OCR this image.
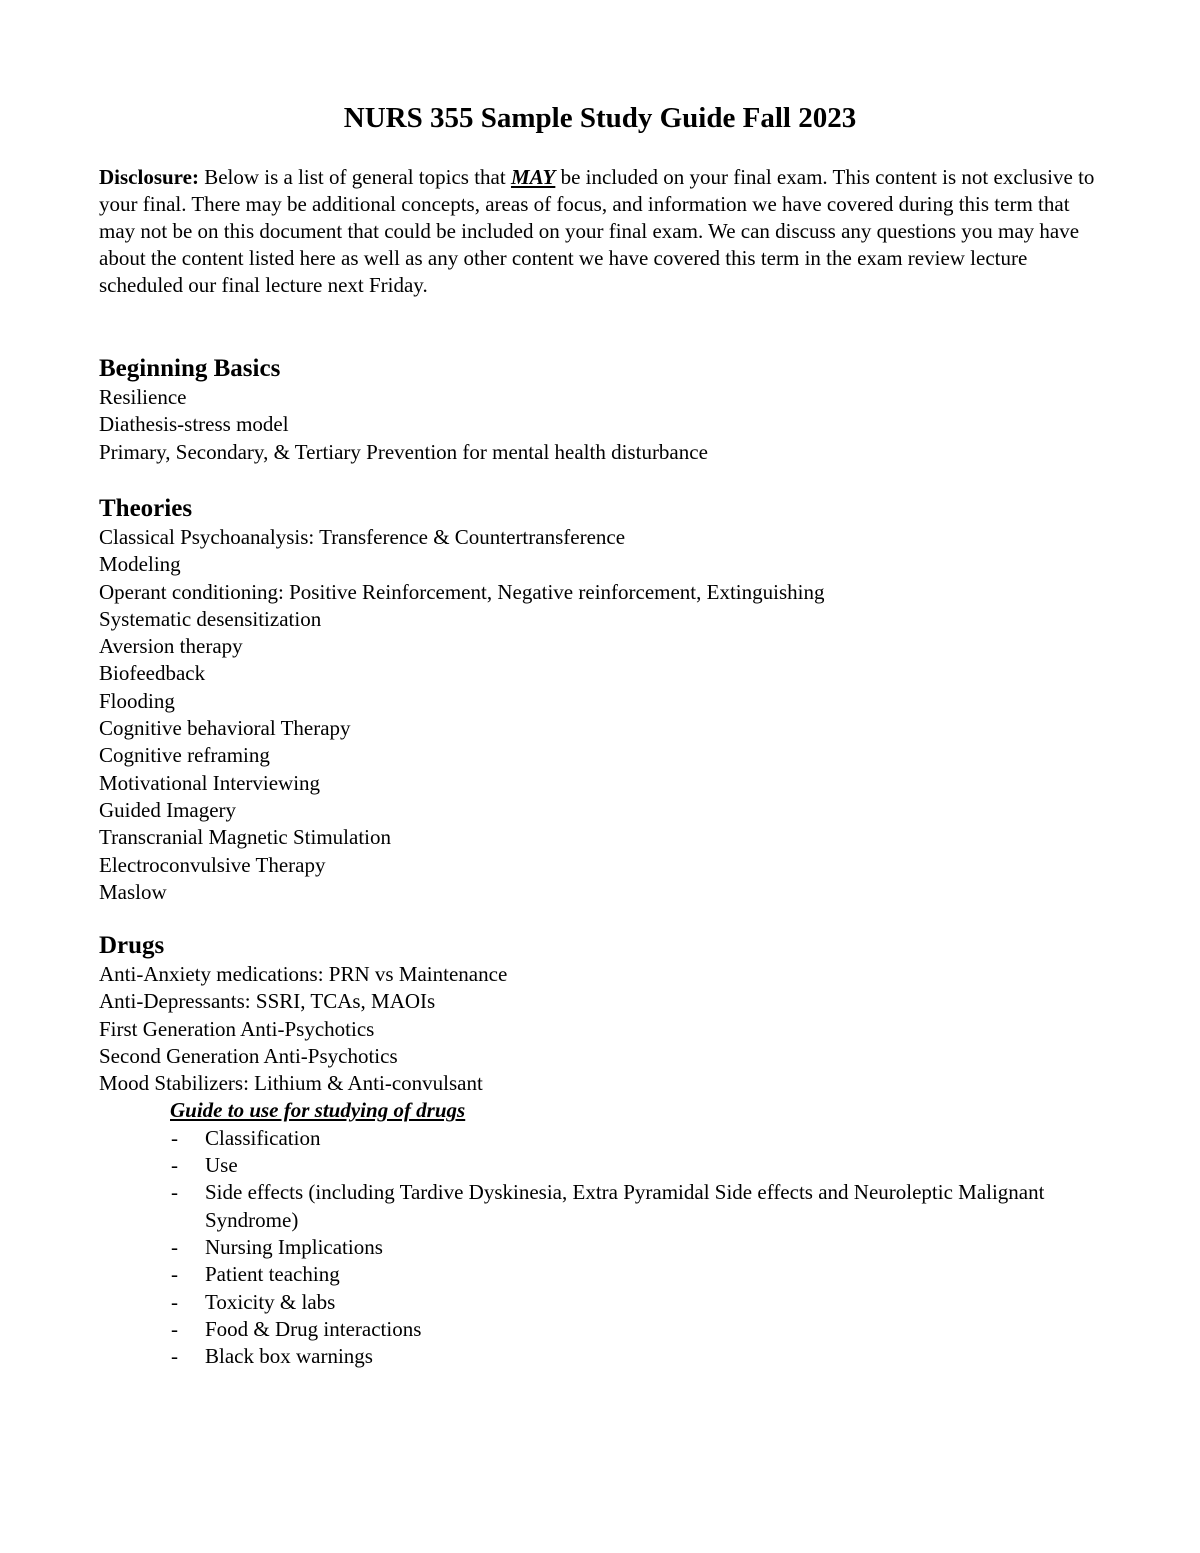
NURS 355 Sample Study Guide Fall 2023

Disclosure: Below is a list of general topics that MAY be included on your final exam. This content is not exclusive to your final. There may be additional concepts, areas of focus, and information we have covered during this term that may not be on this document that could be included on your final exam. We can discuss any questions you may have about the content listed here as well as any other content we have covered this term in the exam review lecture scheduled our final lecture next Friday.

Beginning Basics
Resilience
Diathesis-stress model
Primary, Secondary, & Tertiary Prevention for mental health disturbance
Theories
Classical Psychoanalysis: Transference & Countertransference
Modeling
Operant conditioning: Positive Reinforcement, Negative reinforcement, Extinguishing
Systematic desensitization
Aversion therapy
Biofeedback
Flooding
Cognitive behavioral Therapy
Cognitive reframing
Motivational Interviewing
Guided Imagery
Transcranial Magnetic Stimulation
Electroconvulsive Therapy
Maslow
Drugs
Anti-Anxiety medications: PRN vs Maintenance
Anti-Depressants: SSRI, TCAs, MAOIs
First Generation Anti-Psychotics
Second Generation Anti-Psychotics
Mood Stabilizers: Lithium & Anti-convulsant
Guide to use for studying of drugs
- Classification
- Use
- Side effects (including Tardive Dyskinesia, Extra Pyramidal Side effects and Neuroleptic Malignant Syndrome)
- Nursing Implications
- Patient teaching
- Toxicity & labs
- Food & Drug interactions
- Black box warnings
